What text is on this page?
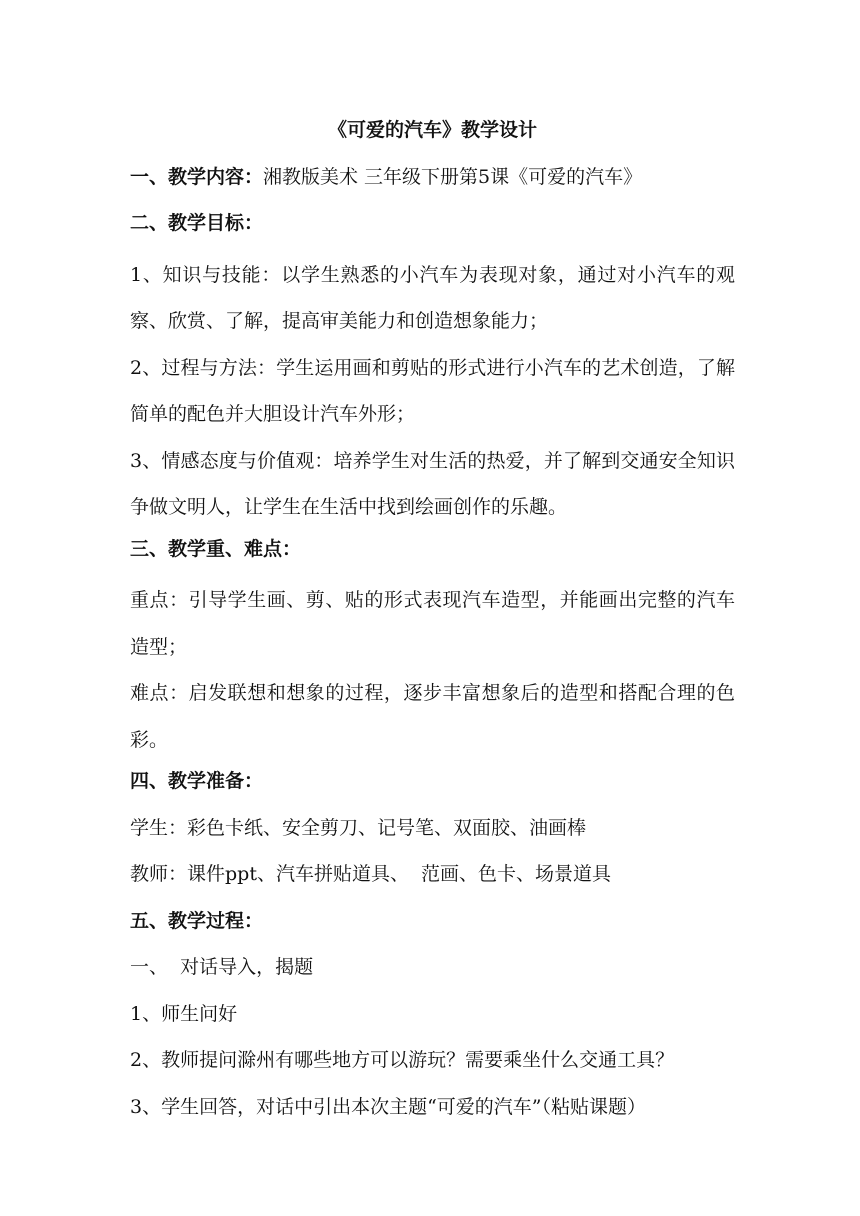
《可爱的汽车》教学设计
一、教学内容：湘教版美术 三年级下册第5课《可爱的汽车》
二、教学目标：
1、知识与技能：以学生熟悉的小汽车为表现对象，通过对小汽车的观察、欣赏、了解，提高审美能力和创造想象能力；
2、过程与方法：学生运用画和剪贴的形式进行小汽车的艺术创造，了解简单的配色并大胆设计汽车外形；
3、情感态度与价值观：培养学生对生活的热爱，并了解到交通安全知识争做文明人，让学生在生活中找到绘画创作的乐趣。
三、教学重、难点：
重点：引导学生画、剪、贴的形式表现汽车造型，并能画出完整的汽车造型；
难点：启发联想和想象的过程，逐步丰富想象后的造型和搭配合理的色彩。
四、教学准备：
学生：彩色卡纸、安全剪刀、记号笔、双面胶、油画棒
教师：课件ppt、汽车拼贴道具、  范画、色卡、场景道具
五、教学过程：
一、  对话导入，揭题
1、师生问好
2、教师提问滁州有哪些地方可以游玩？需要乘坐什么交通工具？
3、学生回答，对话中引出本次主题“可爱的汽车”（粘贴课题）
